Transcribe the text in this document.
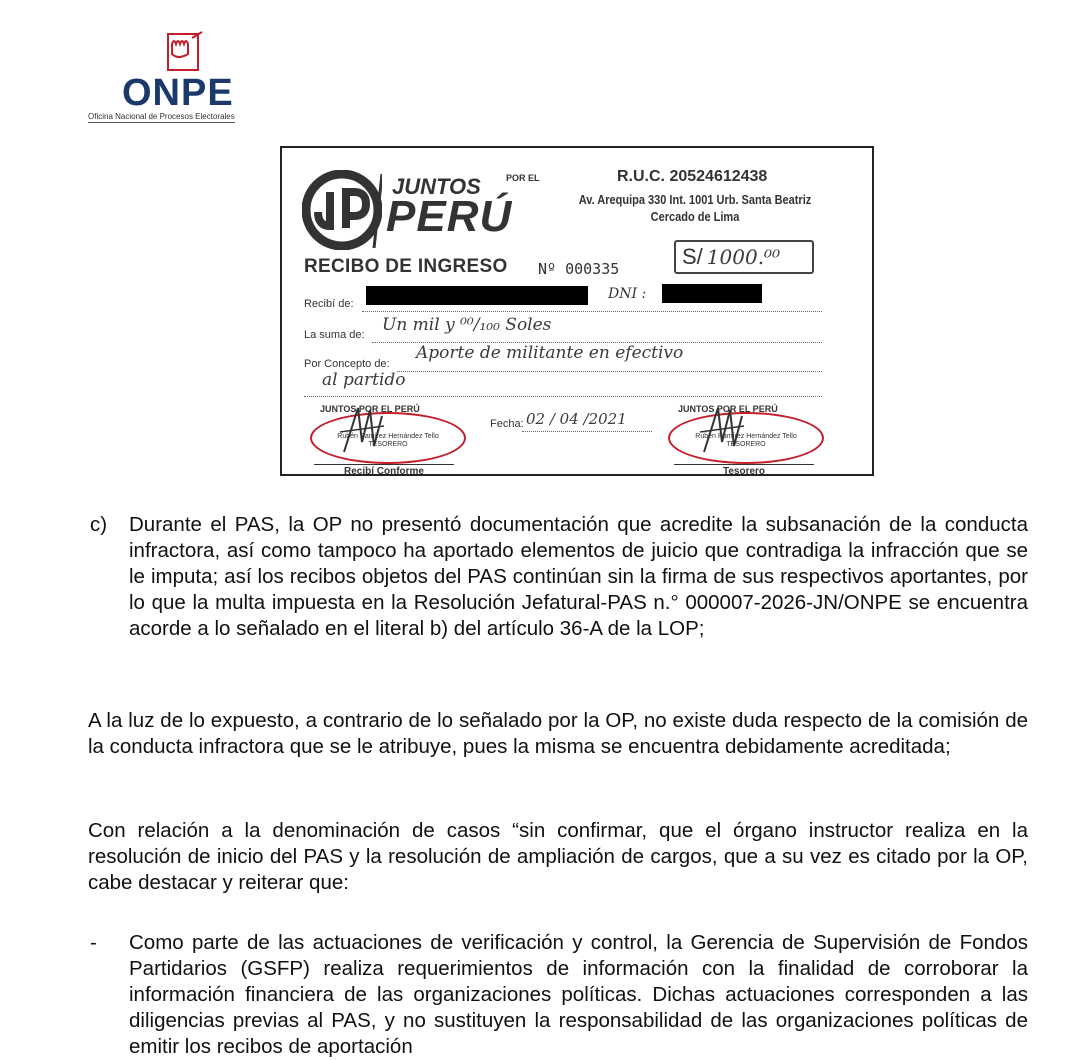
ONPE
Oficina Nacional de Procesos Electorales
JUNTOS	POR EL
PERÚ
R.U.C. 20524612438
Av. Arequipa 330 Int. 1001 Urb. Santa Beatriz
Cercado de Lima
RECIBO DE INGRESO Nº 000335	S/ 1000.⁰⁰
Recibí de:
DNI :
La suma de: Un mil y ⁰⁰/₁₀₀ Soles
Por Concepto de:
Aporte de militante en efectivo
al partido
JUNTOS POR EL PERÚ
Rubén Ramírez Hernández Tello
TESORERO
Recibí Conforme
Fecha: 02 / 04 /2021
JUNTOS POR EL PERÚ
Rubén Ramírez Hernández Tello
TESORERO
Tesorero
c) Durante el PAS, la OP no presentó documentación que acredite la subsanación de la conducta infractora, así como tampoco ha aportado elementos de juicio que contradiga la infracción que se le imputa; así los recibos objetos del PAS continúan sin la firma de sus respectivos aportantes, por lo que la multa impuesta en la Resolución Jefatural-PAS n.° 000007-2026-JN/ONPE se encuentra acorde a lo señalado en el literal b) del artículo 36-A de la LOP;
A la luz de lo expuesto, a contrario de lo señalado por la OP, no existe duda respecto de la comisión de la conducta infractora que se le atribuye, pues la misma se encuentra debidamente acreditada;
Con relación a la denominación de casos “sin confirmar, que el órgano instructor realiza en la resolución de inicio del PAS y la resolución de ampliación de cargos, que a su vez es citado por la OP, cabe destacar y reiterar que:
- Como parte de las actuaciones de verificación y control, la Gerencia de Supervisión de Fondos Partidarios (GSFP) realiza requerimientos de información con la finalidad de corroborar la información financiera de las organizaciones políticas. Dichas actuaciones corresponden a las diligencias previas al PAS, y no sustituyen la responsabilidad de las organizaciones políticas de emitir los recibos de aportación
